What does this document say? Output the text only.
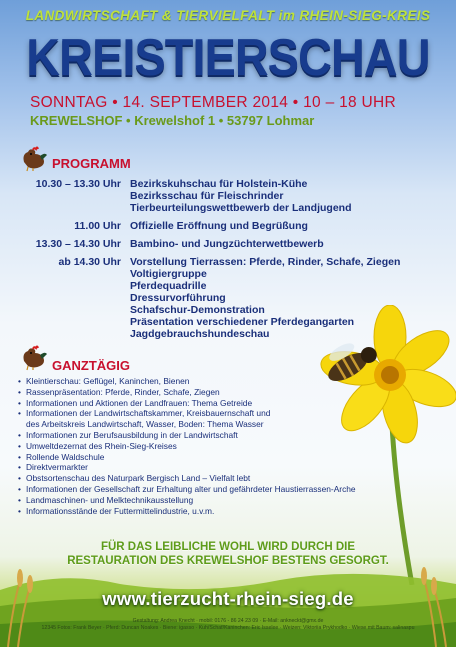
LANDWIRTSCHAFT & TIERVIELFALT im RHEIN-SIEG-KREIS
KREISTIERSCHAU
SONNTAG • 14. SEPTEMBER 2014 • 10 – 18 UHR
KREWELSHOF • Krewelshof 1 • 53797 Lohmar
PROGRAMM
10.30 – 13.30 Uhr Bezirkskuhschau für Holstein-Kühe
Bezirksschau für Fleischrinder
Tierbeurteilungswettbewerb der Landjugend
11.00 Uhr Offizielle Eröffnung und Begrüßung
13.30 – 14.30 Uhr Bambino- und Jungzüchterwettbewerb
ab 14.30 Uhr Vorstellung Tierrassen: Pferde, Rinder, Schafe, Ziegen
Voltigiergruppe
Pferdequadrille
Dressurvorführung
Schafschur-Demonstration
Präsentation verschiedener Pferdegangarten
Jagdgebrauchshundeschau
GANZTÄGIG
• Kleintierschau: Geflügel, Kaninchen, Bienen
• Rassenpräsentation: Pferde, Rinder, Schafe, Ziegen
• Informationen und Aktionen der Landfrauen: Thema Getreide
• Informationen der Landwirtschaftskammer, Kreisbauernschaft und
des Arbeitskreis Landwirtschaft, Wasser, Boden: Thema Wasser
• Informationen zur Berufsausbildung in der Landwirtschaft
• Umweltdezernat des Rhein-Sieg-Kreises
• Rollende Waldschule
• Direktvermarkter
• Obstsortenschau des Naturpark Bergisch Land – Vielfalt lebt
• Informationen der Gesellschaft zur Erhaltung alter und gefährdeter Haustierrassen-Arche
• Landmaschinen- und Melktechnikausstellung
• Informationsstände der Futtermittelindustrie, u.v.m.
FÜR DAS LEIBLICHE WOHL WIRD DURCH DIE
RESTAURATION DES KREWELSHOF BESTENS GESORGT.
www.tierzucht-rhein-sieg.de
Gestaltung: Andrea Knecht · mobil: 0176 - 86 24 23 09 · E-Mail: ankneckt@gmx.de
12345 Fotos: Frank Beyer · Pferd: Duncan Noakes · Biene: igasso · Kuh/Schaf/Kaninchen: Eric Isselee · Weizen: Viktoriia Prykhodko · Wiese mit Baum: salinaspu
